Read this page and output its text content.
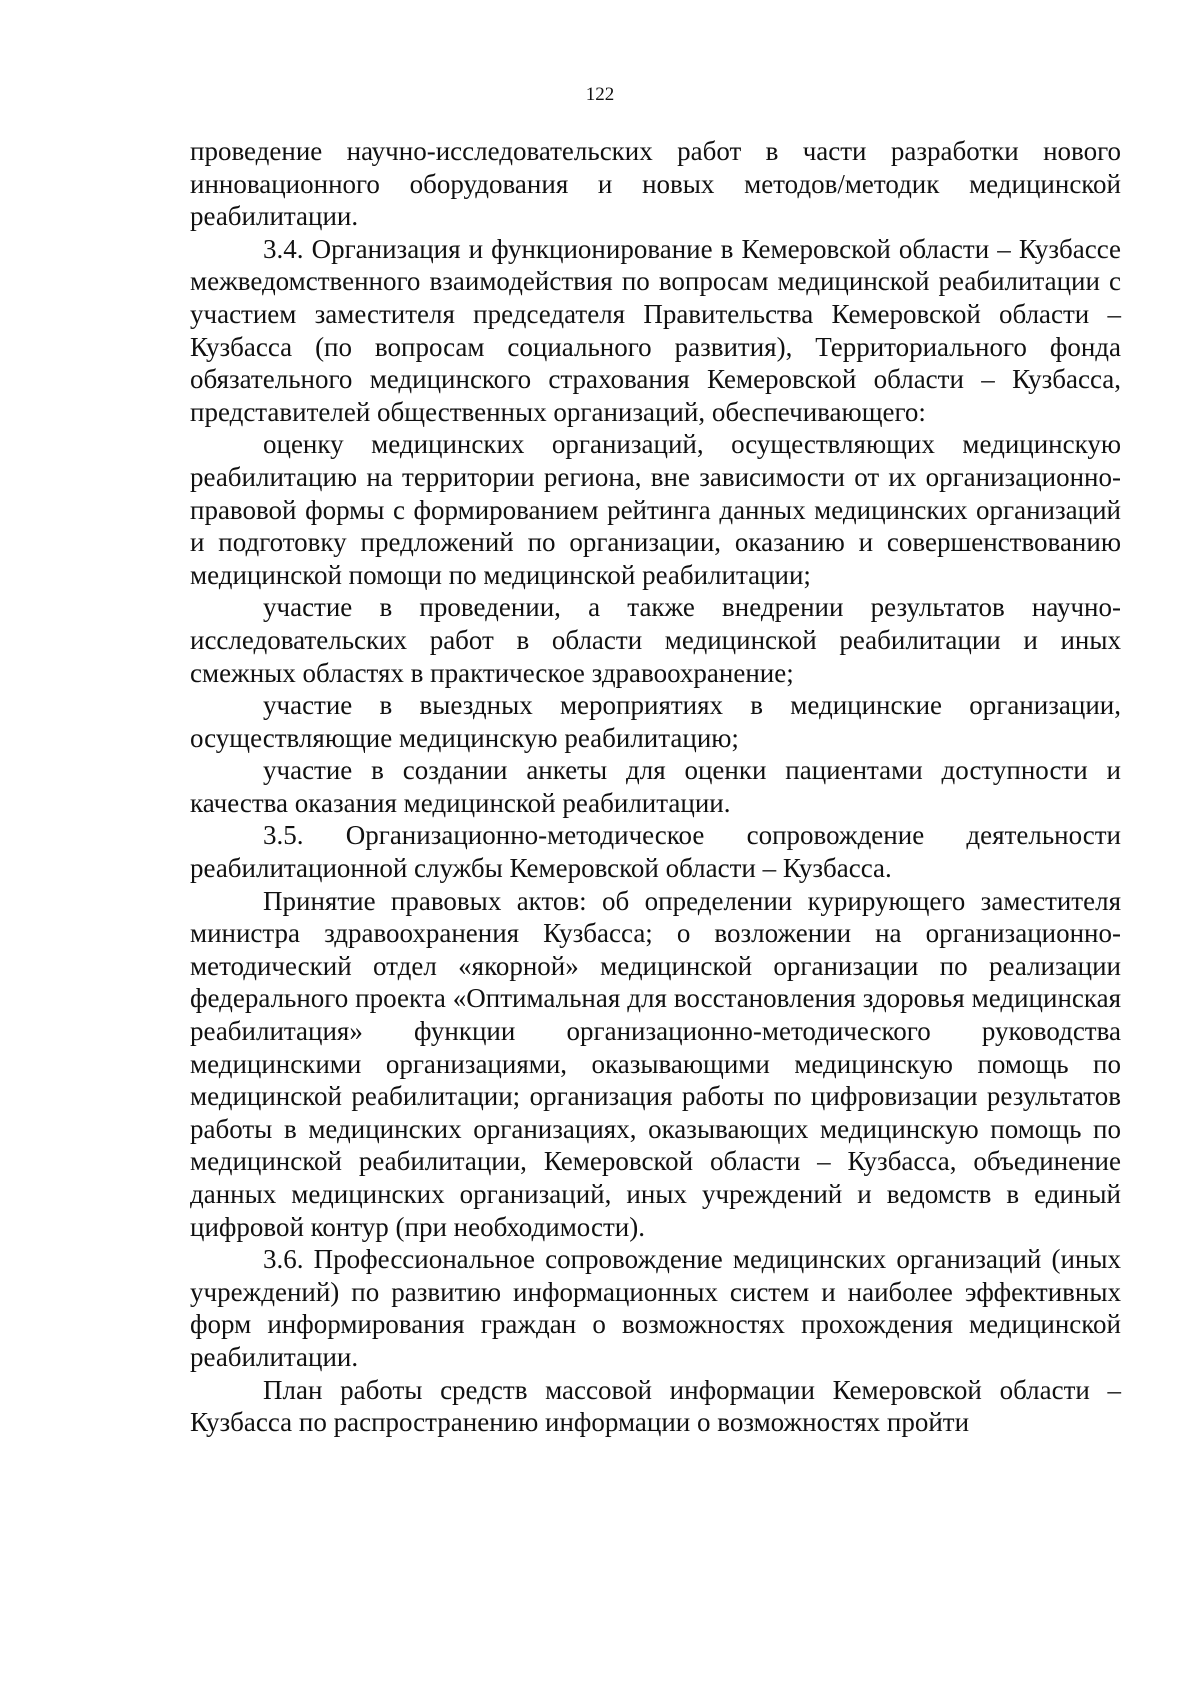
122

проведение научно-исследовательских работ в части разработки нового инновационного оборудования и новых методов/методик медицинской реабилитации.

3.4. Организация и функционирование в Кемеровской области – Кузбассе межведомственного взаимодействия по вопросам медицинской реабилитации с участием заместителя председателя Правительства Кемеровской области – Кузбасса (по вопросам социального развития), Территориального фонда обязательного медицинского страхования Кемеровской области – Кузбасса, представителей общественных организаций, обеспечивающего:

оценку медицинских организаций, осуществляющих медицинскую реабилитацию на территории региона, вне зависимости от их организационно-правовой формы с формированием рейтинга данных медицинских организаций и подготовку предложений по организации, оказанию и совершенствованию медицинской помощи по медицинской реабилитации;

участие в проведении, а также внедрении результатов научно-исследовательских работ в области медицинской реабилитации и иных смежных областях в практическое здравоохранение;

участие в выездных мероприятиях в медицинские организации, осуществляющие медицинскую реабилитацию;

участие в создании анкеты для оценки пациентами доступности и качества оказания медицинской реабилитации.

3.5. Организационно-методическое сопровождение деятельности реабилитационной службы Кемеровской области – Кузбасса.

Принятие правовых актов: об определении курирующего заместителя министра здравоохранения Кузбасса; о возложении на организационно-методический отдел «якорной» медицинской организации по реализации федерального проекта «Оптимальная для восстановления здоровья медицинская реабилитация» функции организационно-методического руководства медицинскими организациями, оказывающими медицинскую помощь по медицинской реабилитации; организация работы по цифровизации результатов работы в медицинских организациях, оказывающих медицинскую помощь по медицинской реабилитации, Кемеровской области – Кузбасса, объединение данных медицинских организаций, иных учреждений и ведомств в единый цифровой контур (при необходимости).

3.6. Профессиональное сопровождение медицинских организаций (иных учреждений) по развитию информационных систем и наиболее эффективных форм информирования граждан о возможностях прохождения медицинской реабилитации.

План работы средств массовой информации Кемеровской области – Кузбасса по распространению информации о возможностях пройти
